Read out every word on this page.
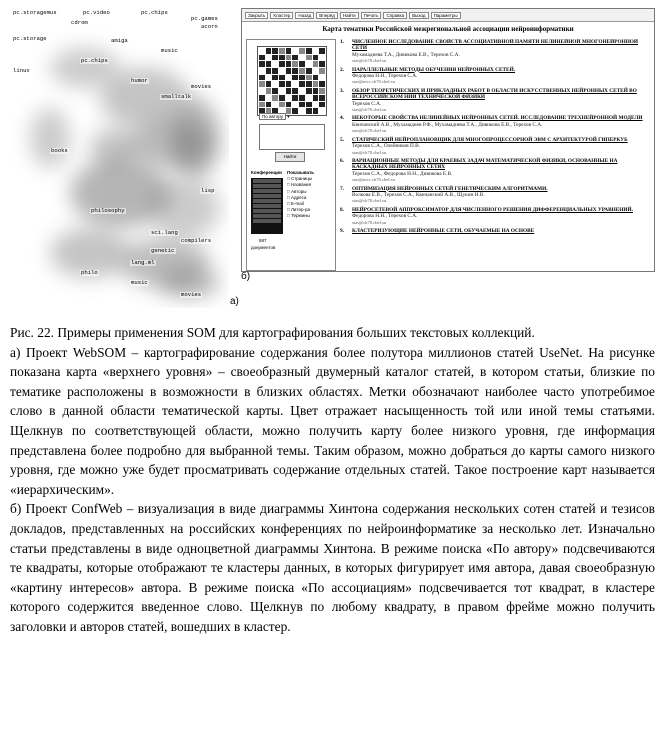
pc.storagemus	pc.video	pc.chips
pc.games
cdrom
acorn
pc.storage	amiga
music
pc.chips
linux
humor
movies
smalltalk
books
lisp
philosophy
sci.lang
compilers
genetic
lang.ml
philo
music
movies
а)
Закрыть	Кластер	Назад	Вперёд	Найти	Печать	Справка	Выход	Параметры
Карта тематики Российской межрегиональной ассоциации нейроинформатики
По автору ▾
Найти
Конференции
587
документов
Показывать
□ Страницы
□ Названия
□ Авторы
□ Адреса
□ E-mail
□ Литер-ра
□ Термины
1. ЧИСЛЕННОЕ ИССЛЕДОВАНИЕ СВОЙСТВ АССОЦИАТИВНОЙ ПАМЯТИ НЕЛИНЕЙНОЙ МНОГОНЕЙРОННОЙ СЕТИ
Мухамадиева Т.А., Дивикова Е.В., Терехов С.А.
stas@ch70.chel.su
2. ПАРАЛЛЕЛЬНЫЕ МЕТОДЫ ОБУЧЕНИЯ НЕЙРОННЫХ СЕТЕЙ.
Федорова Н.Н., Терехов С.А.
stas@nicc.ch70.chel.su
3. ОБЗОР ТЕОРЕТИЧЕСКИХ И ПРИКЛАДНЫХ РАБОТ В ОБЛАСТИ ИСКУССТВЕННЫХ НЕЙРОННЫХ СЕТЕЙ ВО ВСЕРОССИЙСКОМ НИИ ТЕХНИЧЕСКОЙ ФИЗИКИ
Терехов С.А.
stas@ch70.chel.su
4. НЕКОТОРЫЕ СВОЙСТВА НЕЛИНЕЙНЫХ НЕЙРОННЫХ СЕТЕЙ. ИССЛЕДОВАНИЕ ТРЕХНЕЙРОННОЙ МОДЕЛИ
Квичанский А.В., Мухамадиев Р.Ф., Мухамадиева Т.А., Дивикова Е.В., Терехов С.А.
stas@ch70.chel.su
5. СТАТИЧЕСКИЙ НЕЙРОПЛАНОВЩИК ДЛЯ МНОГОПРОЦЕССОРНОЙ ЭВМ С АРХИТЕКТУРОЙ ГИПЕРКУБ
Терехов С.А., Олейников П.В.
stas@ch70.chel.su
6. ВАРИАЦИОННЫЕ МЕТОДЫ ДЛЯ КРАЕВЫХ ЗАДАЧ МАТЕМАТИЧЕСКОЙ ФИЗИКИ, ОСНОВАННЫЕ НА КАСКАДНЫХ НЕЙРОННЫХ СЕТЯХ
Терехов С.А., Федорова Н.Н., Дивикова Е.В.
stas@nicc.ch70.chel.su
7. ОПТИМИЗАЦИЯ НЕЙРОННЫХ СЕТЕЙ ГЕНЕТИЧЕСКИМ АЛГОРИТМАМИ.
Волкова Е.В., Терехов С.А., Квичанский А.В., Щукин Н.В.
stas@ch70.chel.su
8. НЕЙРОСЕТЕВОЙ АППРОКСИМАТОР ДЛЯ ЧИСЛЕННОГО РЕШЕНИЯ ДИФФЕРЕНЦИАЛЬНЫХ УРАВНЕНИЙ.
Федорова Н.Н., Терехов С.А.
stas@ch70.chel.su
9. КЛАСТЕРИЗУЮЩИЕ НЕЙРОННЫЕ СЕТИ, ОБУЧАЕМЫЕ НА ОСНОВЕ
б)

Рис. 22. Примеры применения SOM для картографирования больших текстовых коллекций.

а) Проект WebSOM – картографирование содержания более полутора миллионов статей UseNet. На рисунке показана карта «верхнего уровня» – своеобразный двумерный каталог статей, в котором статьи, близкие по тематике расположены в возможности в близких областях. Метки обозначают наиболее часто употребимое слово в данной области тематической карты. Цвет отражает насыщенность той или иной темы статьями. Щелкнув по соответствующей области, можно получить карту более низкого уровня, где информация представлена более подробно для выбранной темы. Таким образом, можно добраться до карты самого низкого уровня, где можно уже будет просматривать содержание отдельных статей. Такое построение карт называется «иерархическим».

б) Проект ConfWeb – визуализация в виде диаграммы Хинтона содержания нескольких сотен статей и тезисов докладов, представленных на российских конференциях по нейроинформатике за несколько лет. Изначально статьи представлены в виде одноцветной диаграммы Хинтона. В режиме поиска «По автору» подсвечиваются те квадраты, которые отображают те кластеры данных, в которых фигурирует имя автора, давая своеобразную «картину интересов» автора. В режиме поиска «По ассоциациям» подсвечивается тот квадрат, в кластере которого содержится введенное слово. Щелкнув по любому квадрату, в правом фрейме можно получить заголовки и авторов статей, вошедших в кластер.
